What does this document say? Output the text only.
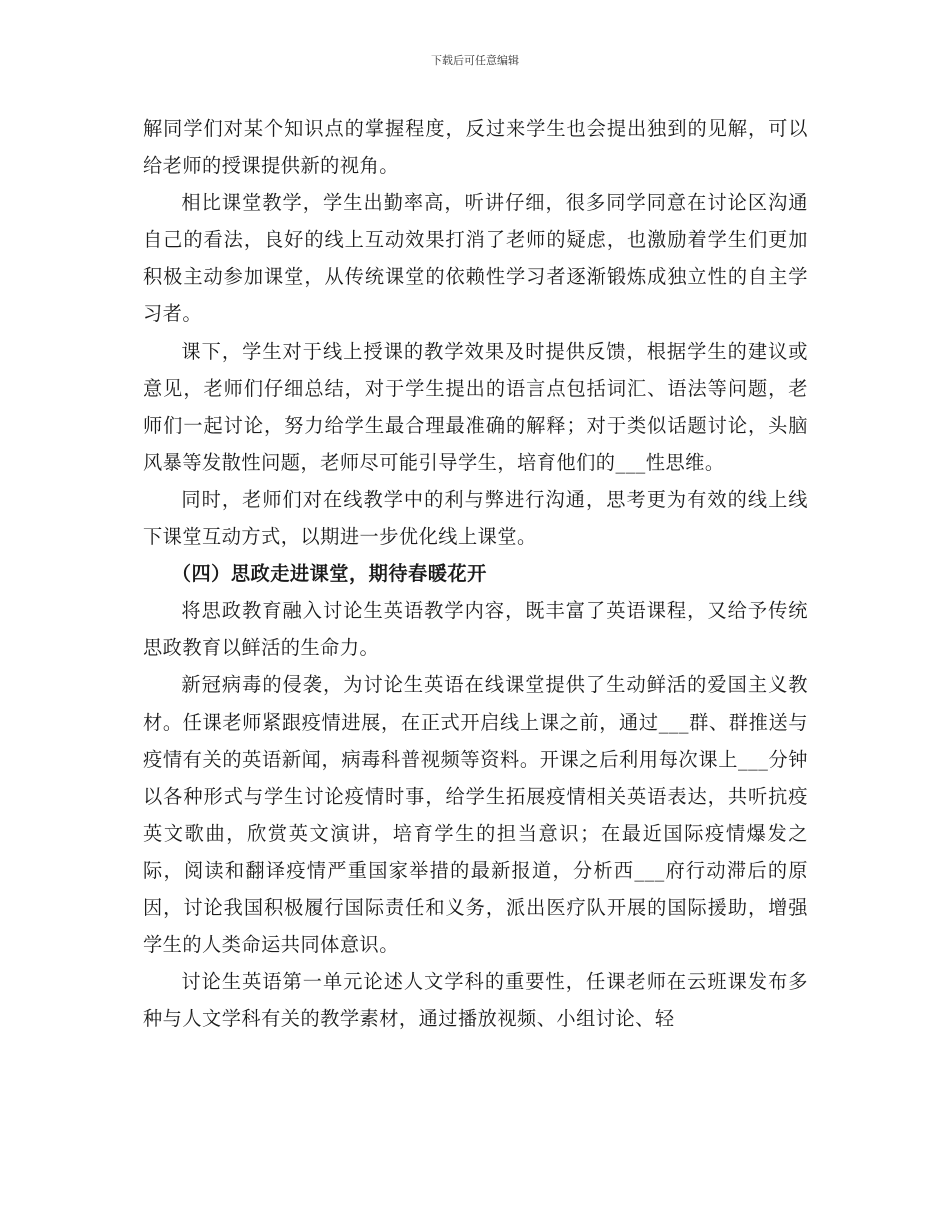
下载后可任意编辑

解同学们对某个知识点的掌握程度，反过来学生也会提出独到的见解，可以给老师的授课提供新的视角。

相比课堂教学，学生出勤率高，听讲仔细，很多同学同意在讨论区沟通自己的看法，良好的线上互动效果打消了老师的疑虑，也激励着学生们更加积极主动参加课堂，从传统课堂的依赖性学习者逐渐锻炼成独立性的自主学习者。

课下，学生对于线上授课的教学效果及时提供反馈，根据学生的建议或意见，老师们仔细总结，对于学生提出的语言点包括词汇、语法等问题，老师们一起讨论，努力给学生最合理最准确的解释；对于类似话题讨论，头脑风暴等发散性问题，老师尽可能引导学生，培育他们的___性思维。

同时，老师们对在线教学中的利与弊进行沟通，思考更为有效的线上线下课堂互动方式，以期进一步优化线上课堂。

（四）思政走进课堂，期待春暖花开

将思政教育融入讨论生英语教学内容，既丰富了英语课程，又给予传统思政教育以鲜活的生命力。

新冠病毒的侵袭，为讨论生英语在线课堂提供了生动鲜活的爱国主义教材。任课老师紧跟疫情进展，在正式开启线上课之前，通过___群、群推送与疫情有关的英语新闻，病毒科普视频等资料。开课之后利用每次课上___分钟以各种形式与学生讨论疫情时事，给学生拓展疫情相关英语表达，共听抗疫英文歌曲，欣赏英文演讲，培育学生的担当意识；在最近国际疫情爆发之际，阅读和翻译疫情严重国家举措的最新报道，分析西___府行动滞后的原因，讨论我国积极履行国际责任和义务，派出医疗队开展的国际援助，增强学生的人类命运共同体意识。

讨论生英语第一单元论述人文学科的重要性，任课老师在云班课发布多种与人文学科有关的教学素材，通过播放视频、小组讨论、轻
